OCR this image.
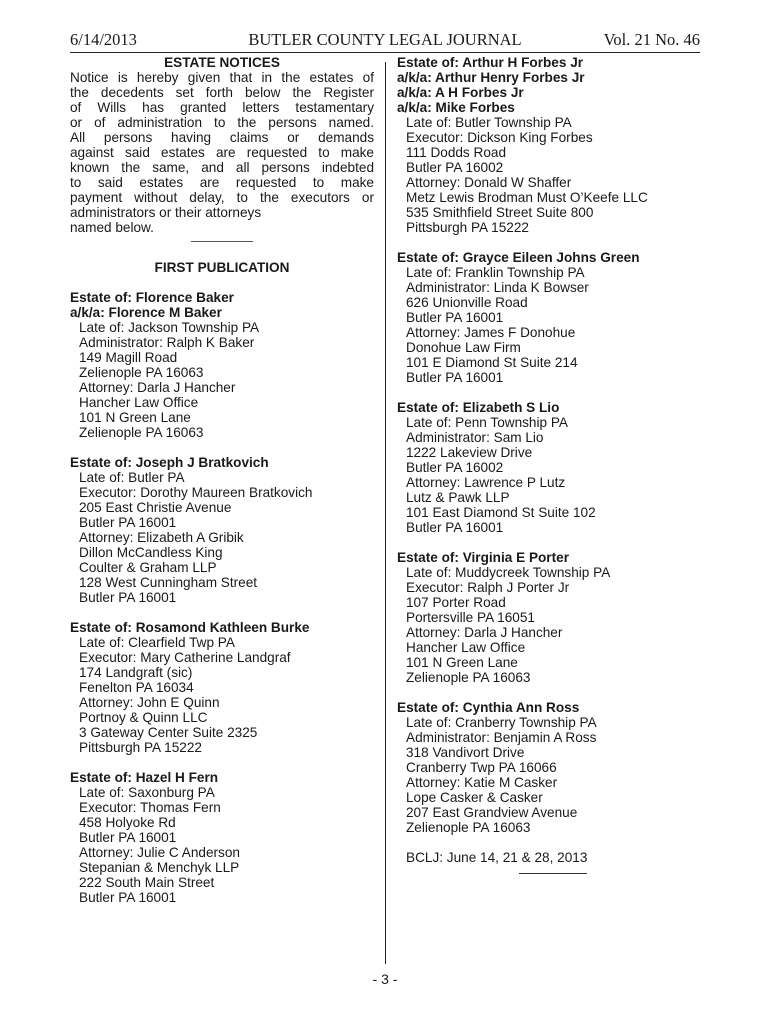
6/14/2013	BUTLER COUNTY LEGAL JOURNAL	Vol. 21 No. 46
ESTATE NOTICES
Notice is hereby given that in the estates of
the decedents set forth below the Register
of Wills has granted letters testamentary
or of administration to the persons named.
All persons having claims or demands
against said estates are requested to make
known the same, and all persons indebted
to said estates are requested to make
payment without delay, to the executors or
administrators or their attorneys
named below.
FIRST PUBLICATION
Estate of: Florence Baker
a/k/a: Florence M Baker
Late of: Jackson Township PA
Administrator: Ralph K Baker
149 Magill Road
Zelienople PA 16063
Attorney: Darla J Hancher
Hancher Law Office
101 N Green Lane
Zelienople PA 16063
Estate of: Joseph J Bratkovich
Late of: Butler PA
Executor: Dorothy Maureen Bratkovich
205 East Christie Avenue
Butler PA 16001
Attorney: Elizabeth A Gribik
Dillon McCandless King
Coulter & Graham LLP
128 West Cunningham Street
Butler PA 16001
Estate of: Rosamond Kathleen Burke
Late of: Clearfield Twp PA
Executor: Mary Catherine Landgraf
174 Landgraft (sic)
Fenelton PA 16034
Attorney: John E Quinn
Portnoy & Quinn LLC
3 Gateway Center Suite 2325
Pittsburgh PA 15222
Estate of: Hazel H Fern
Late of: Saxonburg PA
Executor: Thomas Fern
458 Holyoke Rd
Butler PA 16001
Attorney: Julie C Anderson
Stepanian & Menchyk LLP
222 South Main Street
Butler PA 16001
Estate of: Arthur H Forbes Jr
a/k/a: Arthur Henry Forbes Jr
a/k/a: A H Forbes Jr
a/k/a: Mike Forbes
Late of: Butler Township PA
Executor: Dickson King Forbes
111 Dodds Road
Butler PA 16002
Attorney: Donald W Shaffer
Metz Lewis Brodman Must O’Keefe LLC
535 Smithfield Street Suite 800
Pittsburgh PA 15222
Estate of: Grayce Eileen Johns Green
Late of: Franklin Township PA
Administrator: Linda K Bowser
626 Unionville Road
Butler PA 16001
Attorney: James F Donohue
Donohue Law Firm
101 E Diamond St Suite 214
Butler PA 16001
Estate of: Elizabeth S Lio
Late of: Penn Township PA
Administrator: Sam Lio
1222 Lakeview Drive
Butler PA 16002
Attorney: Lawrence P Lutz
Lutz & Pawk LLP
101 East Diamond St Suite 102
Butler PA 16001
Estate of: Virginia E Porter
Late of: Muddycreek Township PA
Executor: Ralph J Porter Jr
107 Porter Road
Portersville PA 16051
Attorney: Darla J Hancher
Hancher Law Office
101 N Green Lane
Zelienople PA 16063
Estate of: Cynthia Ann Ross
Late of: Cranberry Township PA
Administrator: Benjamin A Ross
318 Vandivort Drive
Cranberry Twp PA 16066
Attorney: Katie M Casker
Lope Casker & Casker
207 East Grandview Avenue
Zelienople PA 16063
BCLJ: June 14, 21 & 28, 2013
- 3 -
